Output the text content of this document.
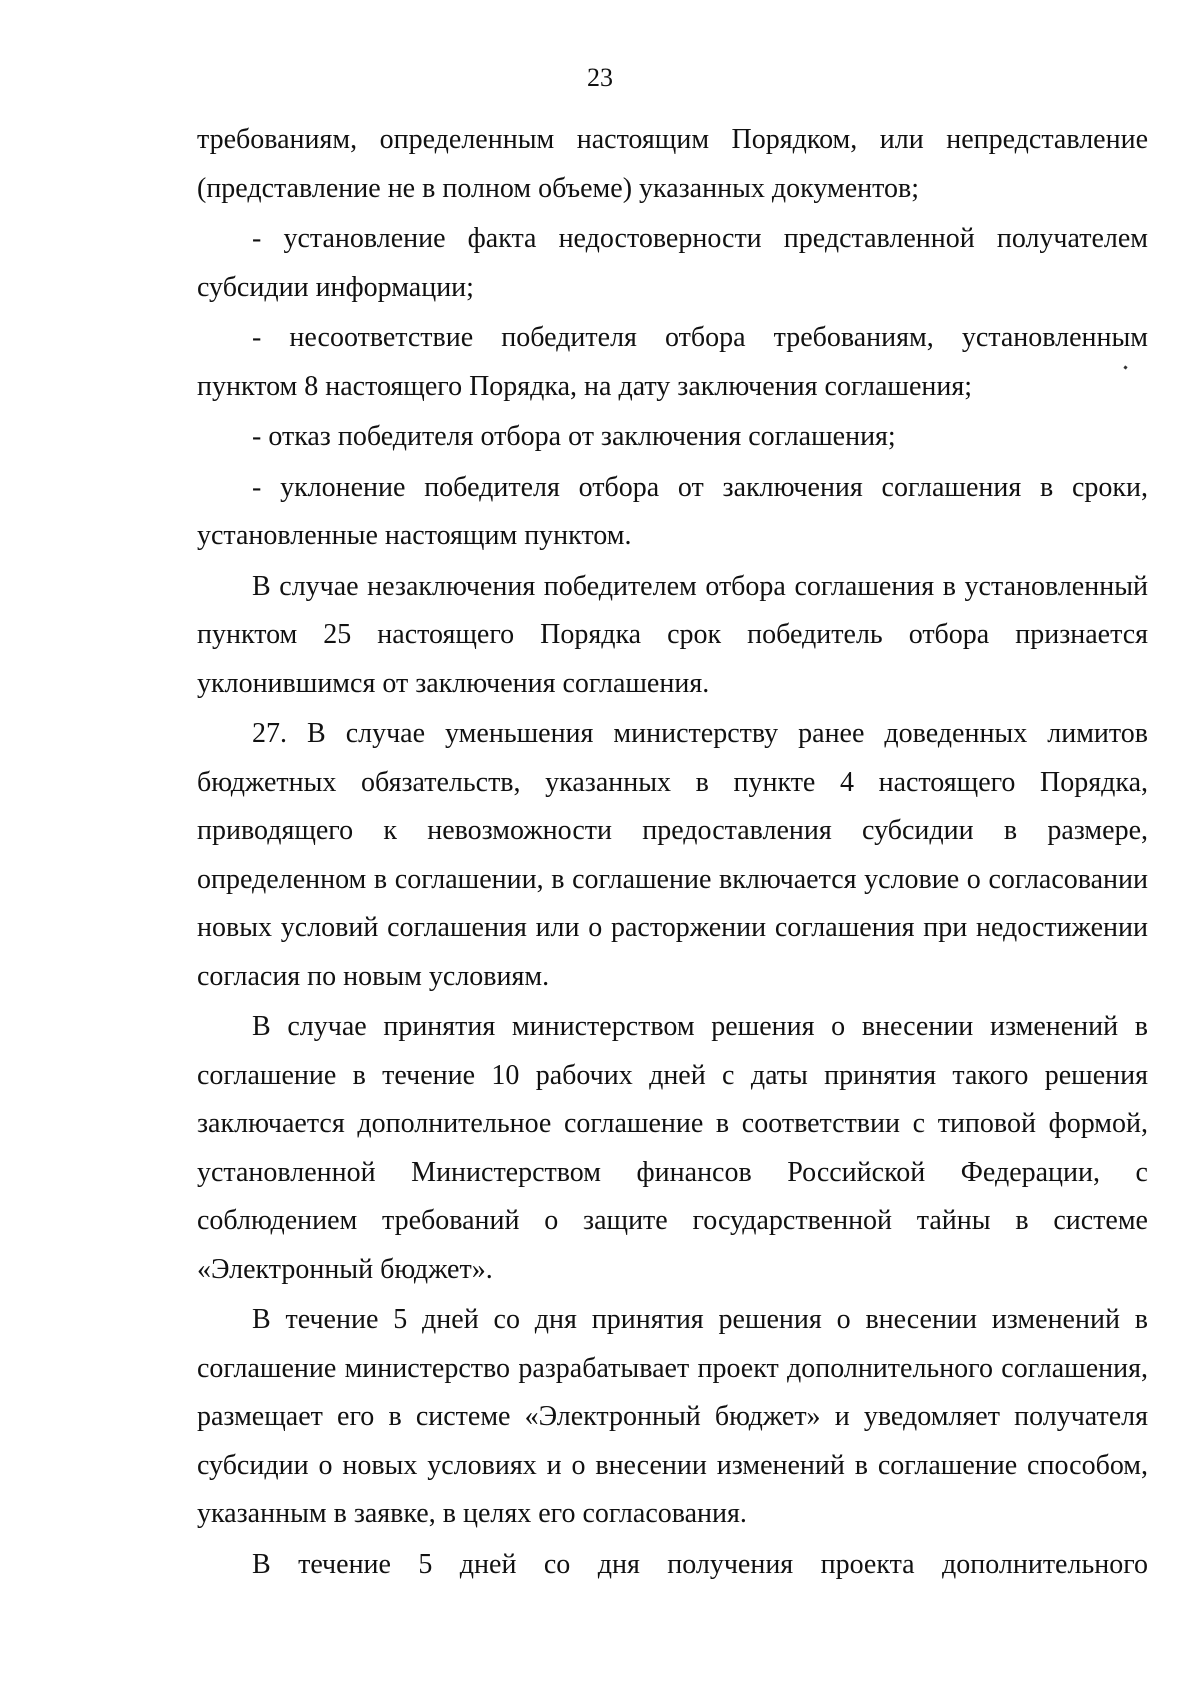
23

требованиям, определенным настоящим Порядком, или непредставление (представление не в полном объеме) указанных документов;

- установление факта недостоверности представленной получателем субсидии информации;

- несоответствие победителя отбора требованиям, установленным пунктом 8 настоящего Порядка, на дату заключения соглашения;

- отказ победителя отбора от заключения соглашения;

- уклонение победителя отбора от заключения соглашения в сроки, установленные настоящим пунктом.

В случае незаключения победителем отбора соглашения в установленный пунктом 25 настоящего Порядка срок победитель отбора признается уклонившимся от заключения соглашения.

27. В случае уменьшения министерству ранее доведенных лимитов бюджетных обязательств, указанных в пункте 4 настоящего Порядка, приводящего к невозможности предоставления субсидии в размере, определенном в соглашении, в соглашение включается условие о согласовании новых условий соглашения или о расторжении соглашения при недостижении согласия по новым условиям.

В случае принятия министерством решения о внесении изменений в соглашение в течение 10 рабочих дней с даты принятия такого решения заключается дополнительное соглашение в соответствии с типовой формой, установленной Министерством финансов Российской Федерации, с соблюдением требований о защите государственной тайны в системе «Электронный бюджет».

В течение 5 дней со дня принятия решения о внесении изменений в соглашение министерство разрабатывает проект дополнительного соглашения, размещает его в системе «Электронный бюджет» и уведомляет получателя субсидии о новых условиях и о внесении изменений в соглашение способом, указанным в заявке, в целях его согласования.

В течение 5 дней со дня получения проекта дополнительного
